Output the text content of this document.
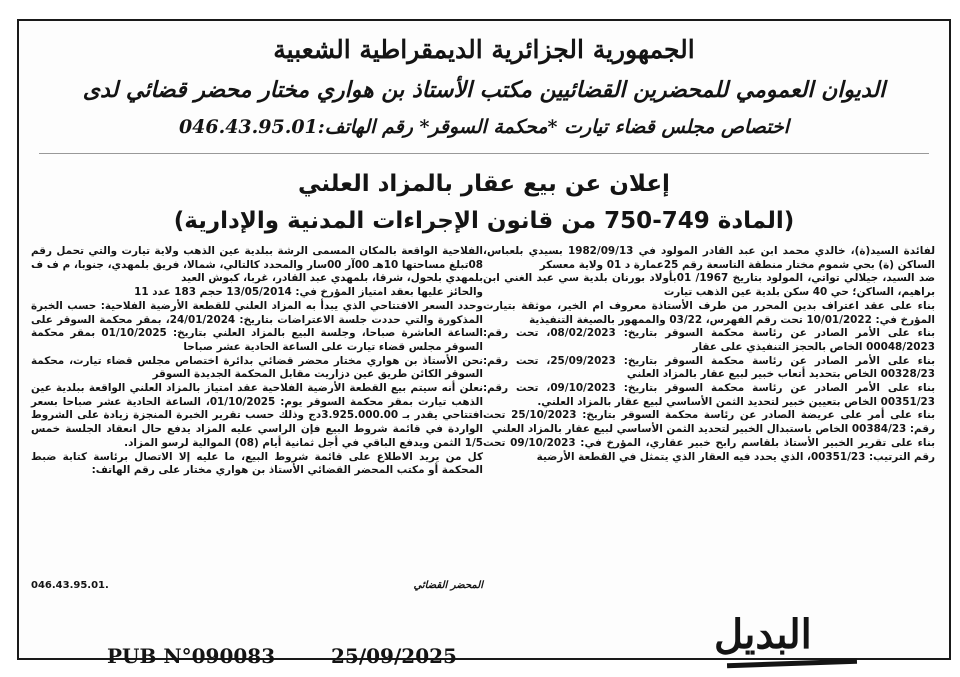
الجمهورية الجزائرية الديمقراطية الشعبية
الديوان العمومي للمحضرين القضائيين مكتب الأستاذ بن هواري مختار محضر قضائي لدى
اختصاص مجلس قضاء تيارت *محكمة السوقر* رقم الهاتف:046.43.95.01
إعلان عن بيع عقار بالمزاد العلني
(المادة 749-750 من قانون الإجراءات المدنية والإدارية)

لفائدة السيد(ة)، خالدي محمد ابن عبد القادر المولود في 1982/09/13 بسيدي بلعباس، الساكن (ة) بحي شموم مختار منطقة التاسعة رقم 25عمارة د 01 ولاية معسكر

ضد السيد، جيلالي تواتي، المولود بتاريخ 1967/ 01بأولاد بورنان بلدية سي عبد الغني ابن براهيم، الساكن؛ حي 40 سكن بلدية عين الذهب تيارت

بناء على عقد اعتراف بدين المحرر من طرف الأستاذة معروف ام الخير، موثقة بتيارت المؤرخ في: 10/01/2022 تحت رقم الفهرس، 03/22 والممهور بالصيغة التنفيذية

بناء على الأمر الصادر عن رئاسة محكمة السوقر بتاريخ: 08/02/2023، تحت رقم: 00048/2023 الخاص بالحجز التنفيذي على عقار

بناء على الأمر الصادر عن رئاسة محكمة السوقر بتاريخ: 25/09/2023، تحت رقم: 00328/23 الخاص بتحديد أتعاب خبير لبيع عقار بالمزاد العلني

بناء على الأمر الصادر عن رئاسة محكمة السوقر بتاريخ: 09/10/2023، تحت رقم: 00351/23 الخاص بتعيين خبير لتحديد الثمن الأساسي لبيع عقار بالمزاد العلني.

بناء على أمر على عريضة الصادر عن رئاسة محكمة السوقر بتاريخ: 25/10/2023 تحت رقم: 00384/23 الخاص باستبدال الخبير لتحديد الثمن الأساسي لبيع عقار بالمزاد العلني

بناء على تقرير الخبير الأستاذ بلقاسم رابح خبير عقاري، المؤرخ في: 09/10/2023 تحت رقم الترتيب: 00351/23، الذي يحدد فيه العقار الذي يتمثل في القطعة الأرضية

الفلاحية الواقعة بالمكان المسمى الرشة ببلدية عين الذهب ولاية تيارت والتي تحمل رقم 08تبلغ مساحتها 10هـ 00آر 00سار والمحدد كالتالي، شمالا، فريق بلمهدي، جنوبا، م ف ف بلمهدي بلحول، شرقا، بلمهدي عبد القادر، غربا، كبوش العيد

والحائز عليها بعقد امتياز المؤرخ في: 13/05/2014 حجم 183 عدد 11

وحدد السعر الافتتاحي الذي يبدأ به المزاد العلني للقطعة الأرضية الفلاحية: حسب الخبرة المذكورة والتي حددت جلسة الاعتراضات بتاريخ: 24/01/2024، بمقر محكمة السوقر على الساعة العاشرة صباحا، وجلسة البيع بالمزاد العلني بتاريخ: 01/10/2025 بمقر محكمة السوقر مجلس قضاء تيارت على الساعة الحادية عشر صباحا

نحن الأستاذ بن هواري مختار محضر قضائي بدائرة اختصاص مجلس قضاء تيارت، محكمة السوقر الكائن طريق عين دزاريت مقابل المحكمة الجديدة السوقر

نعلن أنه سيتم بيع القطعة الأرضية الفلاحية عقد امتياز بالمزاد العلني الواقعة ببلدية عين الذهب تيارت بمقر محكمة السوقر يوم: 01/10/2025، الساعة الحادية عشر صباحا بسعر افتتاحي يقدر بـ 3.925.000.00دج وذلك حسب تقرير الخبرة المنجزة زيادة على الشروط الواردة في قائمة شروط البيع فإن الراسي عليه المزاد يدفع حال انعقاد الجلسة خمس 1/5 الثمن ويدفع الباقي في أجل ثمانية أيام (08) الموالية لرسو المزاد.

كل من يريد الاطلاع على قائمة شروط البيع، ما عليه إلا الاتصال برئاسة كتابة ضبط المحكمة أو مكتب المحضر القضائي الأستاذ بن هواري مختار على رقم الهاتف:

المحضر القضائي
.046.43.95.01
PUB N°090083	25/09/2025	البديل
